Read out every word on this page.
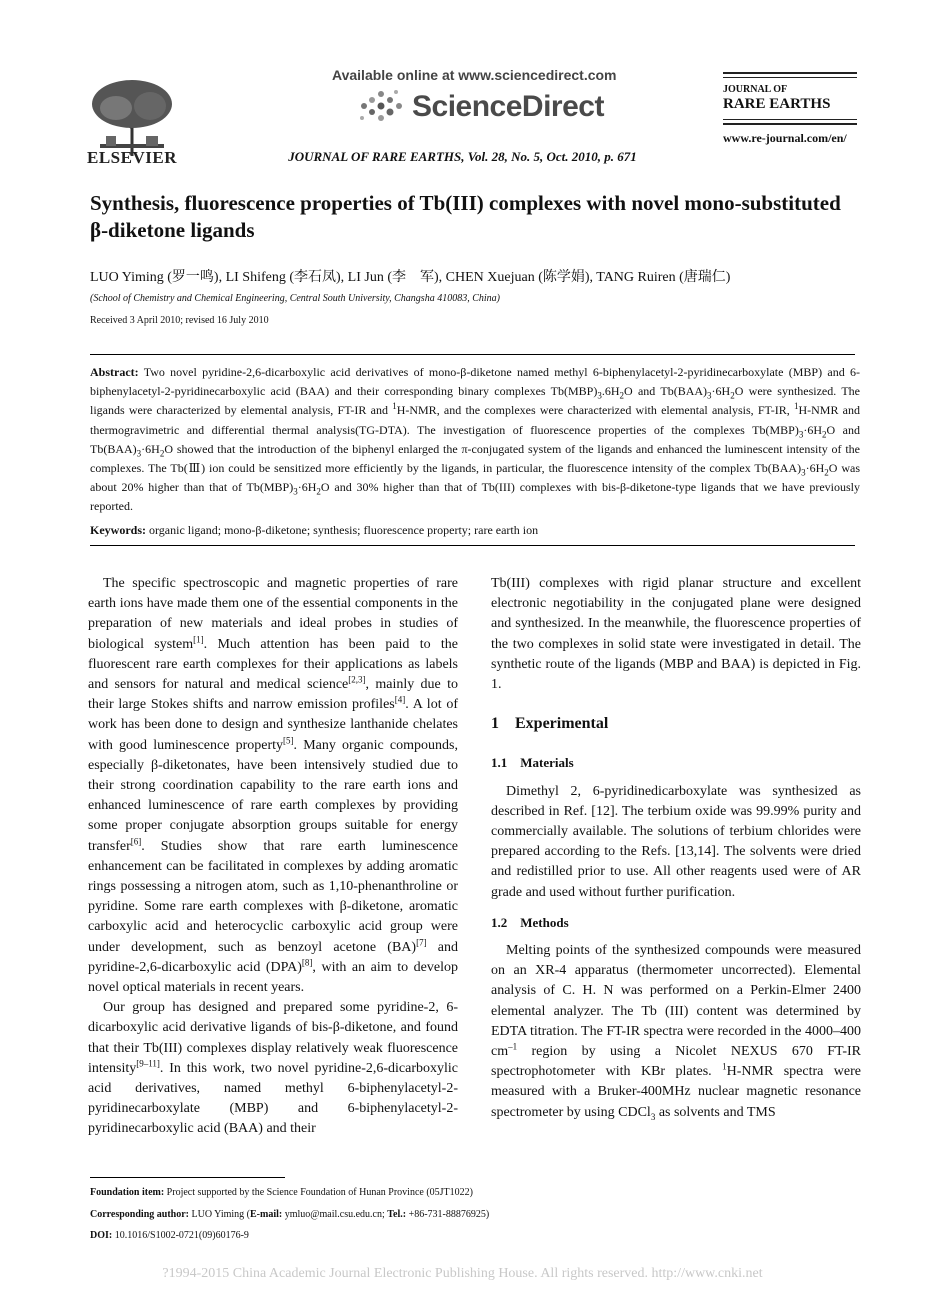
ELSEVIER
Available online at www.sciencedirect.com
ScienceDirect
JOURNAL OF RARE EARTHS, Vol. 28, No. 5, Oct. 2010, p. 671
JOURNAL OF
RARE EARTHS
www.re-journal.com/en/
Synthesis, fluorescence properties of Tb(III) complexes with novel mono-substituted β-diketone ligands
LUO Yiming (罗一鸣), LI Shifeng (李石凤), LI Jun (李　军), CHEN Xuejuan (陈学娟), TANG Ruiren (唐瑞仁)
(School of Chemistry and Chemical Engineering, Central South University, Changsha 410083, China)
Received 3 April 2010; revised 16 July 2010
Abstract: Two novel pyridine-2,6-dicarboxylic acid derivatives of mono-β-diketone named methyl 6-biphenylacetyl-2-pyridinecarboxylate (MBP) and 6-biphenylacetyl-2-pyridinecarboxylic acid (BAA) and their corresponding binary complexes $Tb(MBP)_3.6H_2O$ and $Tb(BAA)_3\cdot 6H_2O$ were synthesized. The ligands were characterized by elemental analysis, FT-IR and $^1$H-NMR, and the complexes were characterized with elemental analysis, FT-IR, $^1$H-NMR and thermogravimetric and differential thermal analysis(TG-DTA). The investigation of fluorescence properties of the complexes $Tb(MBP)_3\cdot 6H_2O$ and $Tb(BAA)_3\cdot 6H_2O$ showed that the introduction of the biphenyl enlarged the π-conjugated system of the ligands and enhanced the luminescent intensity of the complexes. The Tb(Ⅲ) ion could be sensitized more efficiently by the ligands, in particular, the fluorescence intensity of the complex $Tb(BAA)_3\cdot 6H_2O$ was about 20% higher than that of $Tb(MBP)_3\cdot 6H_2O$ and 30% higher than that of Tb(III) complexes with bis-β-diketone-type ligands that we have previously reported.
Keywords: organic ligand; mono-β-diketone; synthesis; fluorescence property; rare earth ion

The specific spectroscopic and magnetic properties of rare earth ions have made them one of the essential components in the preparation of new materials and ideal probes in studies of biological system[1]. Much attention has been paid to the fluorescent rare earth complexes for their applications as labels and sensors for natural and medical science[2,3], mainly due to their large Stokes shifts and narrow emission profiles[4]. A lot of work has been done to design and synthesize lanthanide chelates with good luminescence property[5]. Many organic compounds, especially β-diketonates, have been intensively studied due to their strong coordination capability to the rare earth ions and enhanced luminescence of rare earth complexes by providing some proper conjugate absorption groups suitable for energy transfer[6]. Studies show that rare earth luminescence enhancement can be facilitated in complexes by adding aromatic rings possessing a nitrogen atom, such as 1,10-phenanthroline or pyridine. Some rare earth complexes with β-diketone, aromatic carboxylic acid and heterocyclic carboxylic acid group were under development, such as benzoyl acetone (BA)[7] and pyridine-2,6-dicarboxylic acid (DPA)[8], with an aim to develop novel optical materials in recent years.

Our group has designed and prepared some pyridine-2, 6-dicarboxylic acid derivative ligands of bis-β-diketone, and found that their Tb(III) complexes display relatively weak fluorescence intensity[9–11]. In this work, two novel pyridine-2,6-dicarboxylic acid derivatives, named methyl 6-biphenylacetyl-2-pyridinecarboxylate (MBP) and 6-biphenylacetyl-2-pyridinecarboxylic acid (BAA) and their

Tb(III) complexes with rigid planar structure and excellent electronic negotiability in the conjugated plane were designed and synthesized. In the meanwhile, the fluorescence properties of the two complexes in solid state were investigated in detail. The synthetic route of the ligands (MBP and BAA) is depicted in Fig. 1.

1　Experimental
1.1　Materials

Dimethyl 2, 6-pyridinedicarboxylate was synthesized as described in Ref. [12]. The terbium oxide was 99.99% purity and commercially available. The solutions of terbium chlorides were prepared according to the Refs. [13,14]. The solvents were dried and redistilled prior to use. All other reagents used were of AR grade and used without further purification.

1.2　Methods

Melting points of the synthesized compounds were measured on an XR-4 apparatus (thermometer uncorrected). Elemental analysis of C. H. N was performed on a Perkin-Elmer 2400 elemental analyzer. The Tb (III) content was determined by EDTA titration. The FT-IR spectra were recorded in the 4000–400 $cm^{-1}$ region by using a Nicolet NEXUS 670 FT-IR spectrophotometer with KBr plates. $^1$H-NMR spectra were measured with a Bruker-400MHz nuclear magnetic resonance spectrometer by using CDCl$_3$ as solvents and TMS

Foundation item: Project supported by the Science Foundation of Hunan Province (05JT1022)
Corresponding author: LUO Yiming (E-mail: ymluo@mail.csu.edu.cn; Tel.: +86-731-88876925)
DOI: 10.1016/S1002-0721(09)60176-9
?1994-2015 China Academic Journal Electronic Publishing House. All rights reserved. http://www.cnki.net
